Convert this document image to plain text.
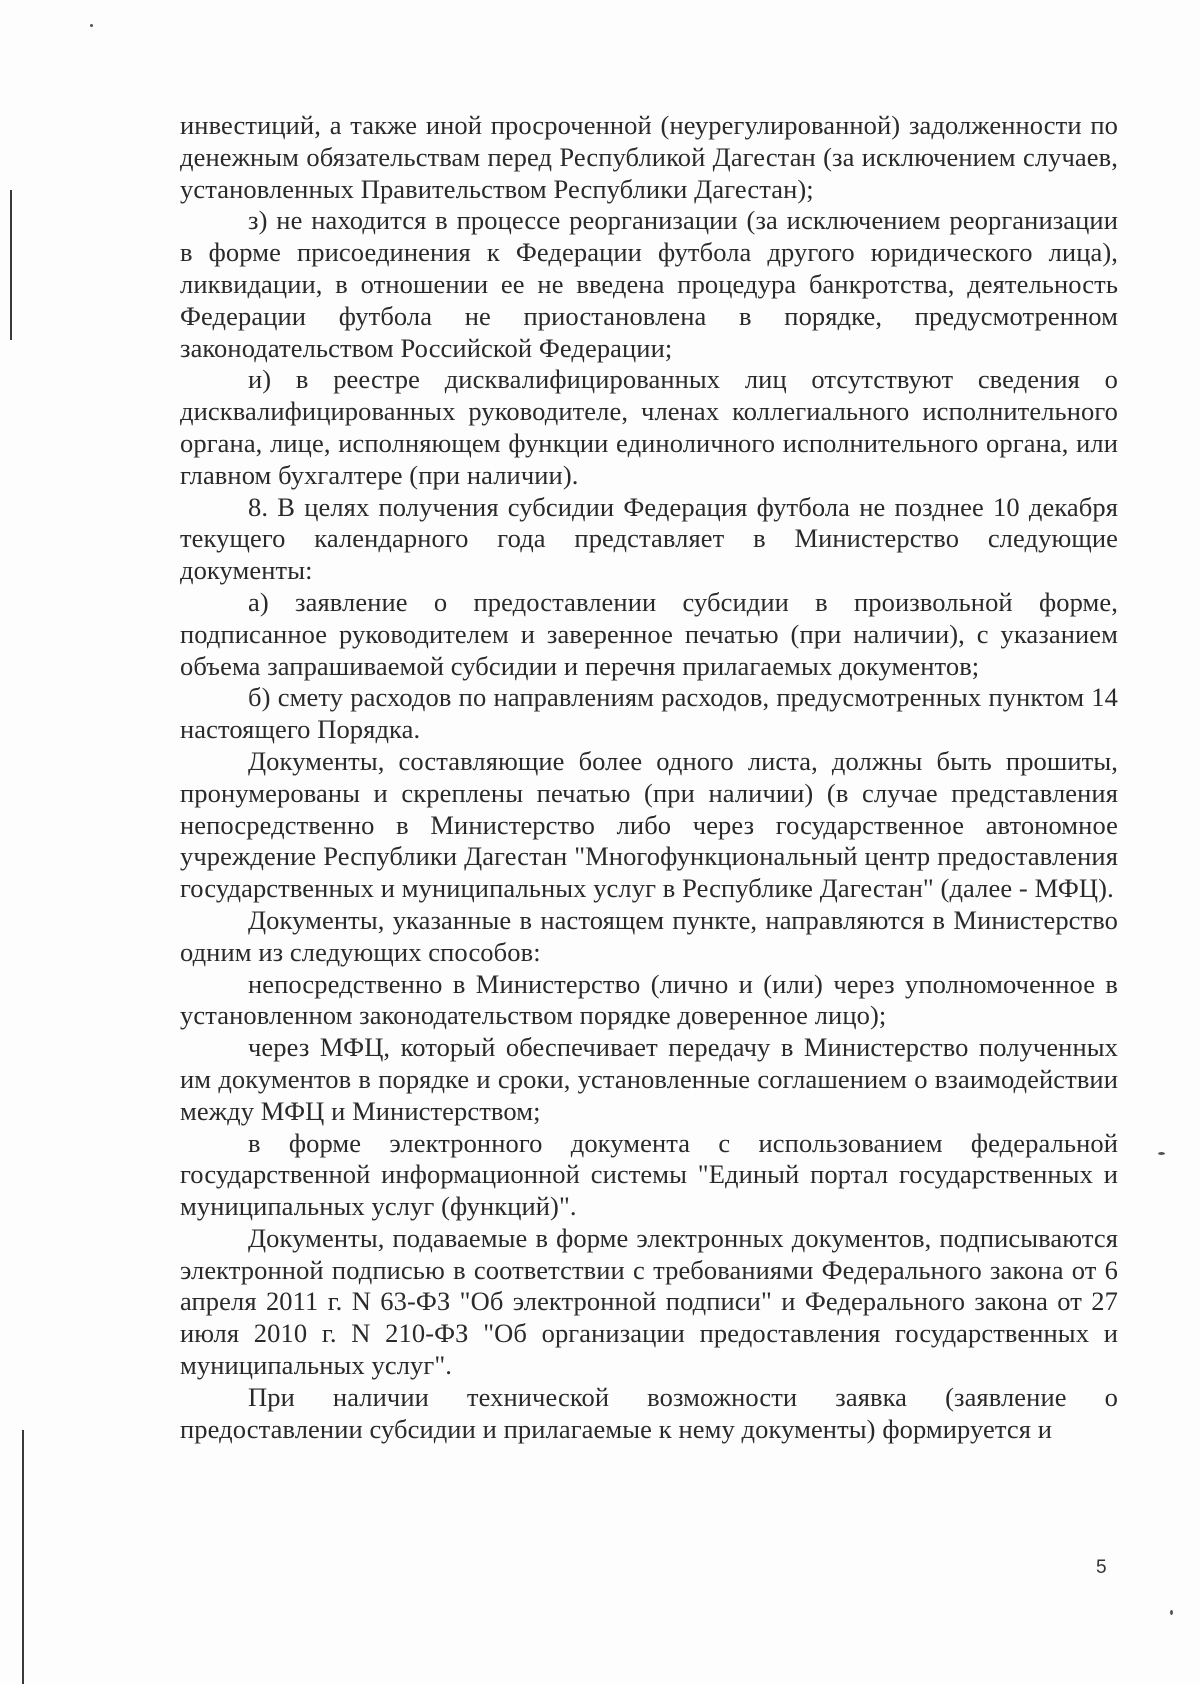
инвестиций, а также иной просроченной (неурегулированной) задолженности по денежным обязательствам перед Республикой Дагестан (за исключением случаев, установленных Правительством Республики Дагестан);

з) не находится в процессе реорганизации (за исключением реорганизации в форме присоединения к Федерации футбола другого юридического лица), ликвидации, в отношении ее не введена процедура банкротства, деятельность Федерации футбола не приостановлена в порядке, предусмотренном законодательством Российской Федерации;

и) в реестре дисквалифицированных лиц отсутствуют сведения о дисквалифицированных руководителе, членах коллегиального исполнительного органа, лице, исполняющем функции единоличного исполнительного органа, или главном бухгалтере (при наличии).

8. В целях получения субсидии Федерация футбола не позднее 10 декабря текущего календарного года представляет в Министерство следующие документы:

а) заявление о предоставлении субсидии в произвольной форме, подписанное руководителем и заверенное печатью (при наличии), с указанием объема запрашиваемой субсидии и перечня прилагаемых документов;

б) смету расходов по направлениям расходов, предусмотренных пунктом 14 настоящего Порядка.

Документы, составляющие более одного листа, должны быть прошиты, пронумерованы и скреплены печатью (при наличии) (в случае представления непосредственно в Министерство либо через государственное автономное учреждение Республики Дагестан "Многофункциональный центр предоставления государственных и муниципальных услуг в Республике Дагестан" (далее - МФЦ).

Документы, указанные в настоящем пункте, направляются в Министерство одним из следующих способов:

непосредственно в Министерство (лично и (или) через уполномоченное в установленном законодательством порядке доверенное лицо);

через МФЦ, который обеспечивает передачу в Министерство полученных им документов в порядке и сроки, установленные соглашением о взаимодействии между МФЦ и Министерством;

в форме электронного документа с использованием федеральной государственной информационной системы "Единый портал государственных и муниципальных услуг (функций)".

Документы, подаваемые в форме электронных документов, подписываются электронной подписью в соответствии с требованиями Федерального закона от 6 апреля 2011 г. N 63-ФЗ "Об электронной подписи" и Федерального закона от 27 июля 2010 г. N 210-ФЗ "Об организации предоставления государственных и муниципальных услуг".

При наличии технической возможности заявка (заявление о предоставлении субсидии и прилагаемые к нему документы) формируется и

5
